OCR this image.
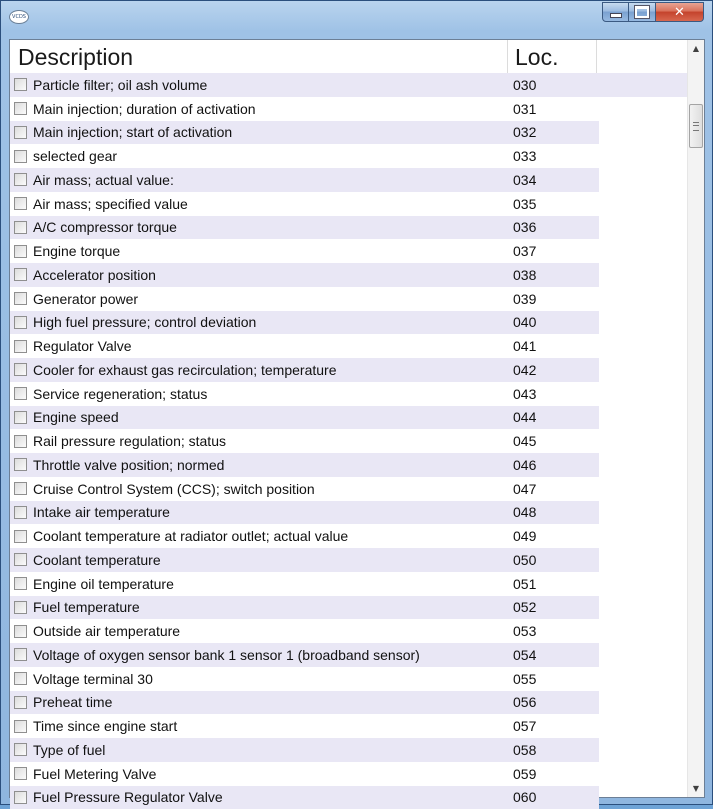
VCDS	✕
Description	Loc.
Particle filter; oil ash volume	030
Main injection; duration of activation	031
Main injection; start of activation	032
selected gear	033
Air mass; actual value:	034
Air mass; specified value	035
A/C compressor torque	036
Engine torque	037
Accelerator position	038
Generator power	039
High fuel pressure; control deviation	040
Regulator Valve	041
Cooler for exhaust gas recirculation; temperature	042
Service regeneration; status	043
Engine speed	044
Rail pressure regulation; status	045
Throttle valve position; normed	046
Cruise Control System (CCS); switch position	047
Intake air temperature	048
Coolant temperature at radiator outlet; actual value	049
Coolant temperature	050
Engine oil temperature	051
Fuel temperature	052
Outside air temperature	053
Voltage of oxygen sensor bank 1 sensor 1 (broadband sensor)	054
Voltage terminal 30	055
Preheat time	056
Time since engine start	057
Type of fuel	058
Fuel Metering Valve	059
Fuel Pressure Regulator Valve	060
▲
▼
